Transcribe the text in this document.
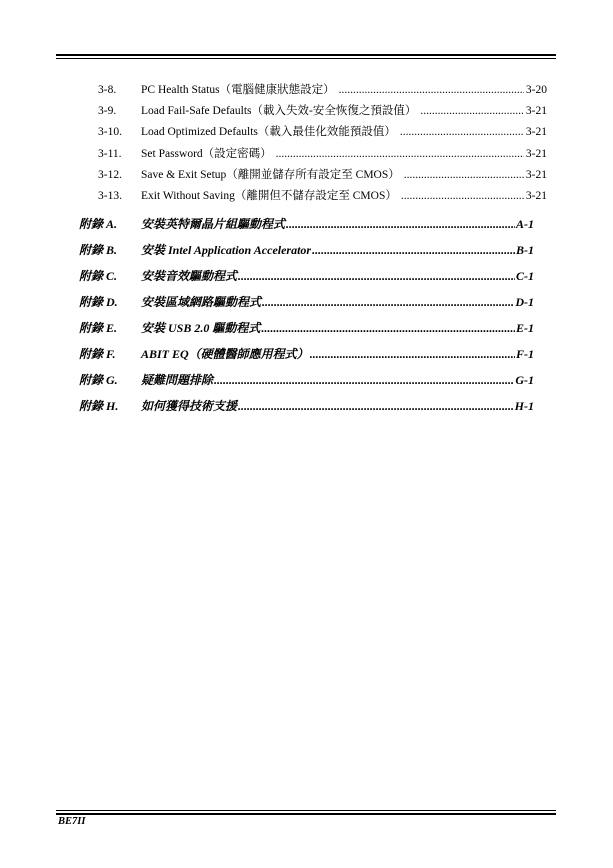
3-8. PC Health Status（電腦健康狀態設定） .....	3-20
3-9. Load Fail-Safe Defaults（載入失效-安全恢復之預設值） .....	3-21
3-10. Load Optimized Defaults（載入最佳化效能預設值） .....	3-21
3-11. Set Password（設定密碼） .....	3-21
3-12. Save & Exit Setup（離開並儲存所有設定至 CMOS） .....	3-21
3-13. Exit Without Saving（離開但不儲存設定至 CMOS） .....	3-21
附錄 A. 安裝英特爾晶片組驅動程式 .....	A-1
附錄 B. 安裝 Intel Application Accelerator .....	B-1
附錄 C. 安裝音效驅動程式 .....	C-1
附錄 D. 安裝區域網路驅動程式 .....	D-1
附錄 E. 安裝 USB 2.0 驅動程式 .....	E-1
附錄 F. ABIT EQ（硬體醫師應用程式） .....	F-1
附錄 G. 疑難問題排除 .....	G-1
附錄 H. 如何獲得技術支援 .....	H-1
BE7II
